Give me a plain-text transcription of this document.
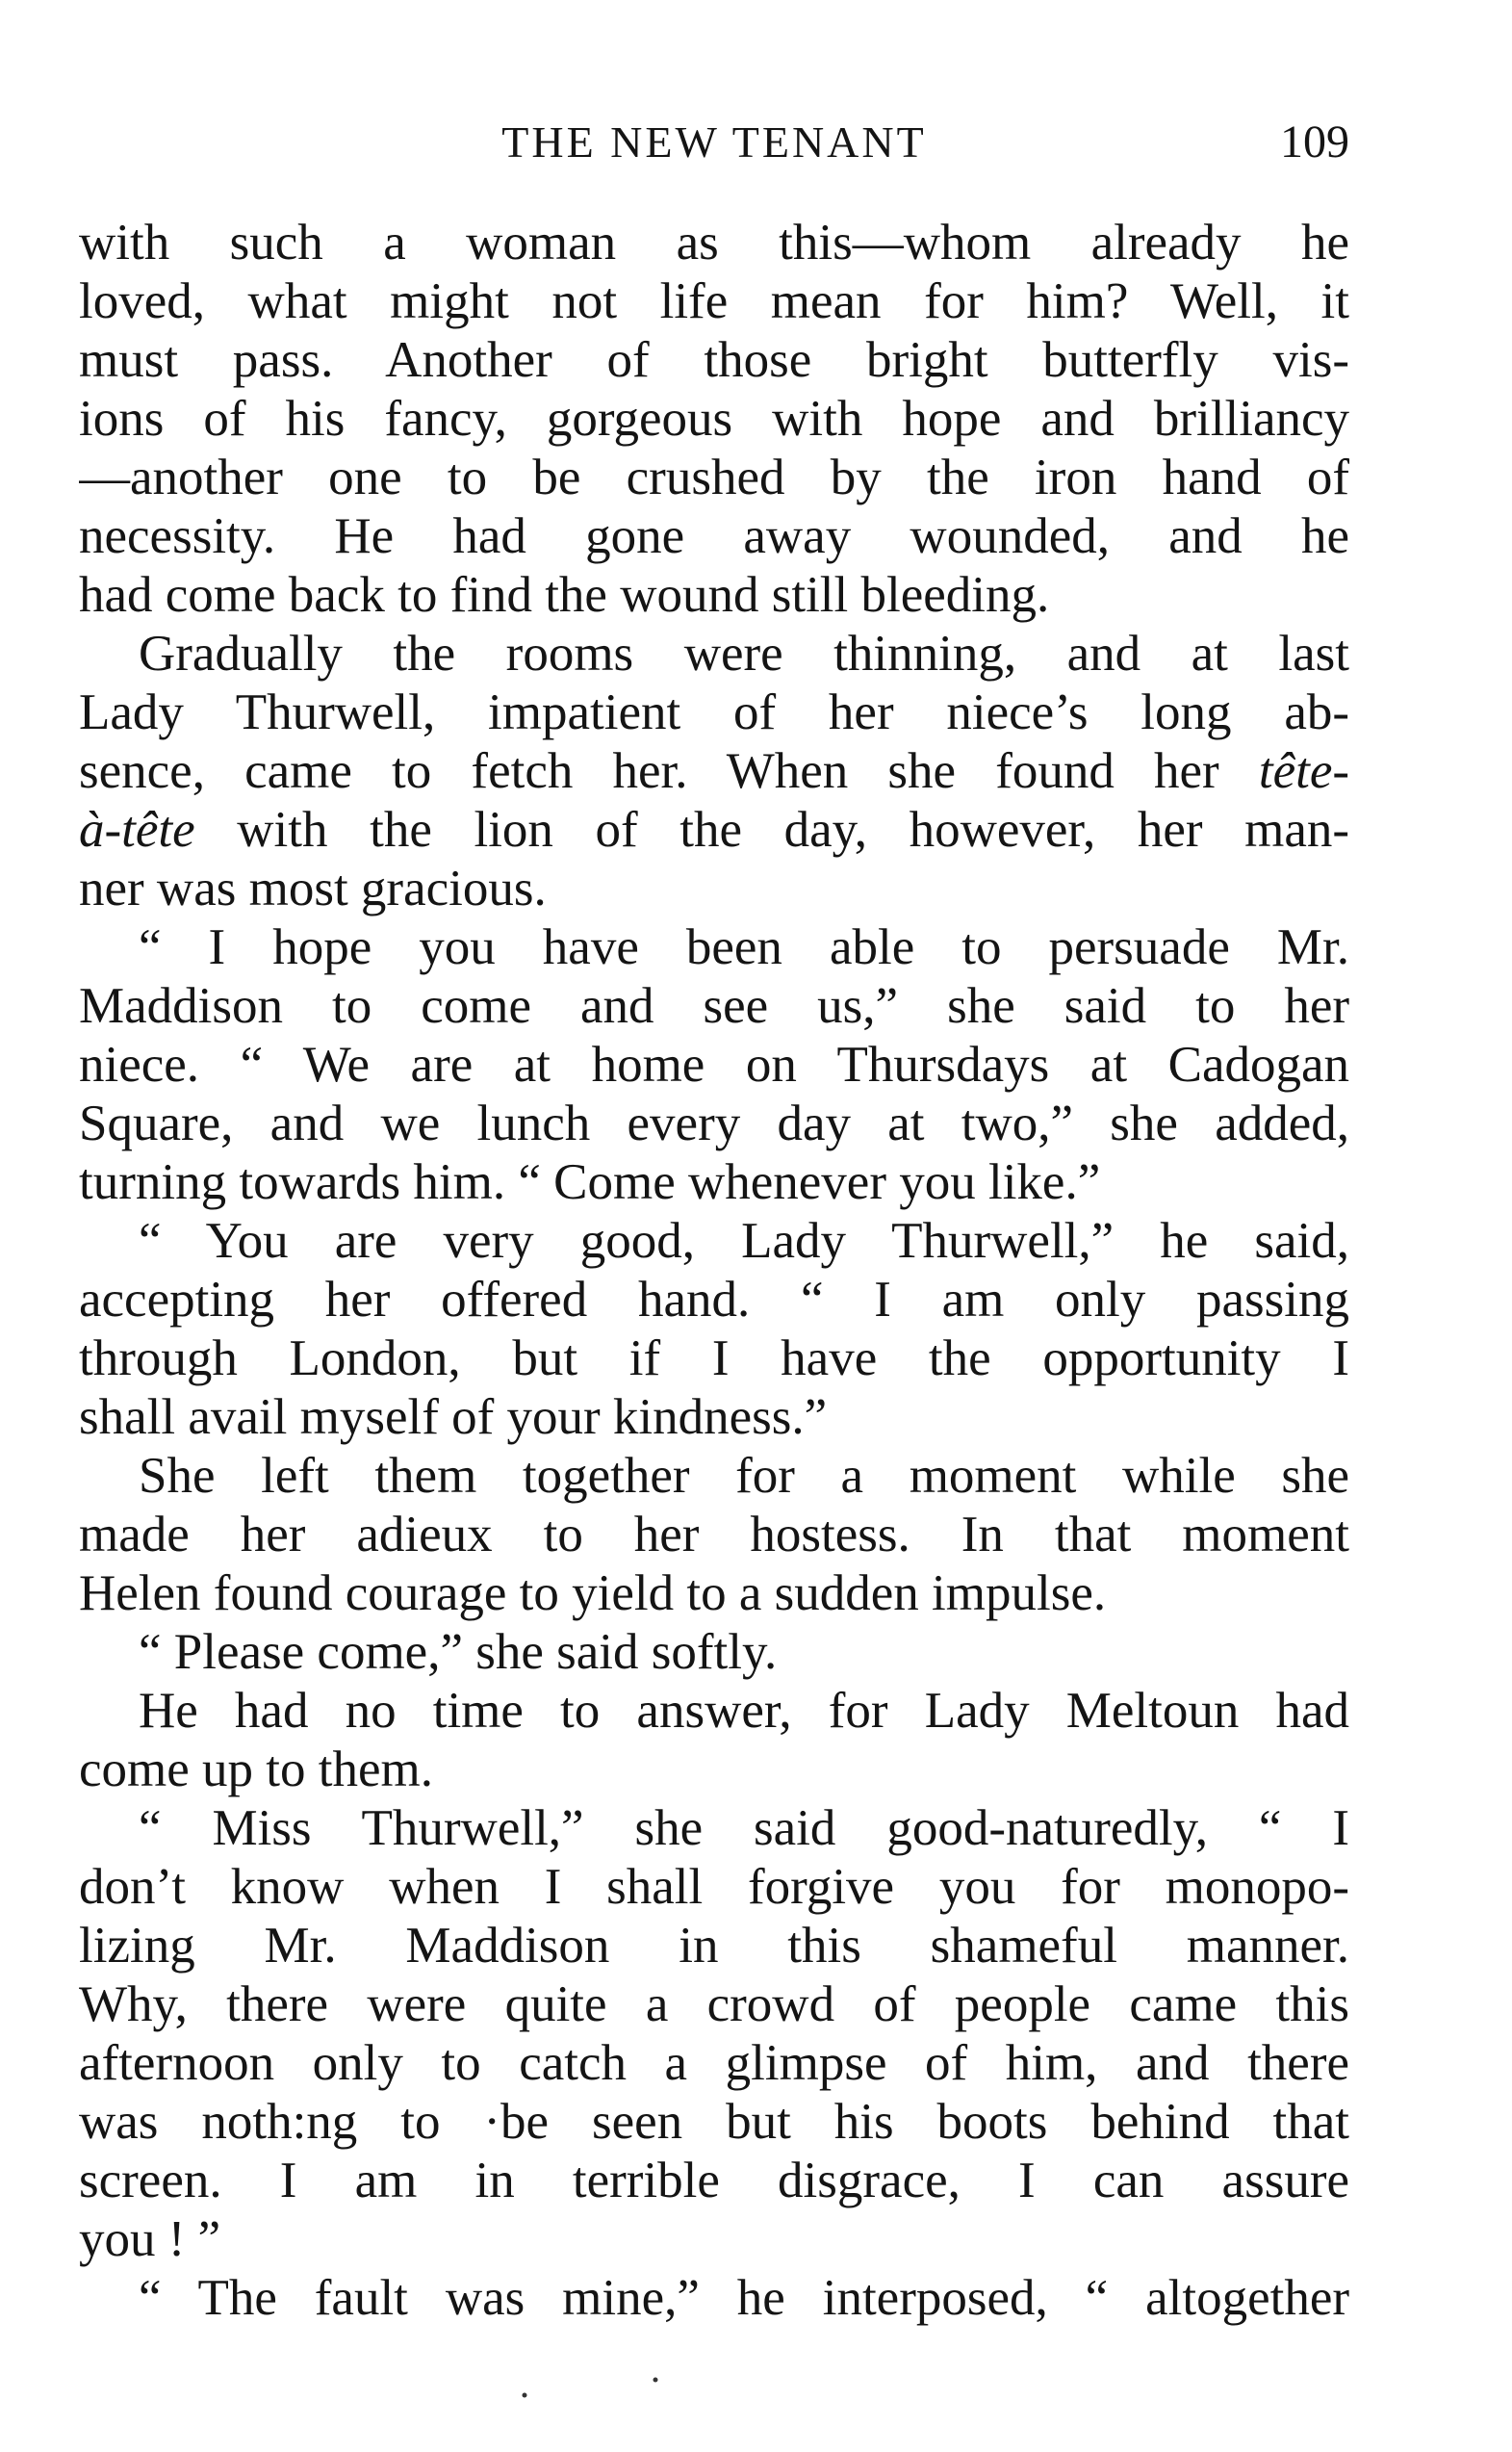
THE NEW TENANT	109
with such a woman as this—whom already he
loved, what might not life mean for him? Well, it
must pass. Another of those bright butterfly vis-
ions of his fancy, gorgeous with hope and brilliancy
—another one to be crushed by the iron hand of
necessity. He had gone away wounded, and he
had come back to find the wound still bleeding.
Gradually the rooms were thinning, and at last
Lady Thurwell, impatient of her niece’s long ab-
sence, came to fetch her. When she found her tête-
à-tête with the lion of the day, however, her man-
ner was most gracious.
“ I hope you have been able to persuade Mr.
Maddison to come and see us,” she said to her
niece. “ We are at home on Thursdays at Cadogan
Square, and we lunch every day at two,” she added,
turning towards him. “ Come whenever you like.”
“ You are very good, Lady Thurwell,” he said,
accepting her offered hand. “ I am only passing
through London, but if I have the opportunity I
shall avail myself of your kindness.”
She left them together for a moment while she
made her adieux to her hostess. In that moment
Helen found courage to yield to a sudden impulse.
“ Please come,” she said softly.
He had no time to answer, for Lady Meltoun had
come up to them.
“ Miss Thurwell,” she said good-naturedly, “ I
don’t know when I shall forgive you for monopo-
lizing Mr. Maddison in this shameful manner.
Why, there were quite a crowd of people came this
afternoon only to catch a glimpse of him, and there
was noth:ng to ·be seen but his boots behind that
screen. I am in terrible disgrace, I can assure
you ! ”
“ The fault was mine,” he interposed, “ altogether
